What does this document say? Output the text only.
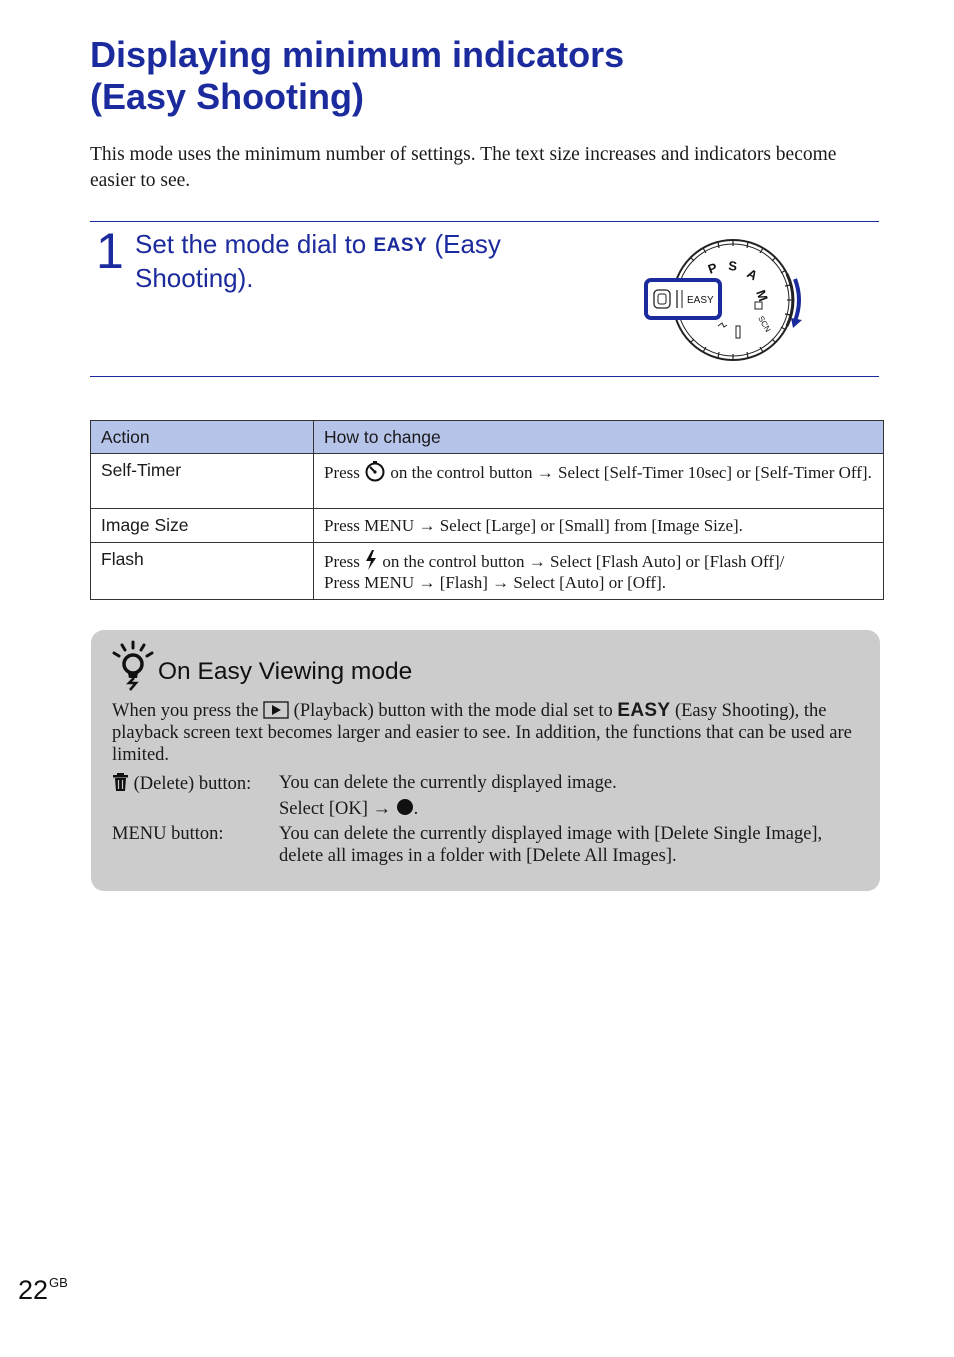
Displaying minimum indicators
(Easy Shooting)

This mode uses the minimum number of settings. The text size increases and indicators become easier to see.

1 Set the mode dial to EASY (Easy Shooting).	P S A
M
SCN
EASY
Action	How to change
Self-Timer	Press  on the control button → Select [Self-Timer 10sec] or [Self-Timer Off].
Image Size	Press MENU → Select [Large] or [Small] from [Image Size].
Flash	Press  on the control button → Select [Flash Auto] or [Flash Off]/
Press MENU → [Flash] → Select [Auto] or [Off].
On Easy Viewing mode

When you press the  (Playback) button with the mode dial set to EASY (Easy Shooting), the playback screen text becomes larger and easier to see. In addition, the functions that can be used are limited.

(Delete) button: You can delete the currently displayed image.

Select [OK] → .

MENU button:	You can delete the currently displayed image with [Delete Single Image], delete all images in a folder with [Delete All Images].

$22^{GB}$
